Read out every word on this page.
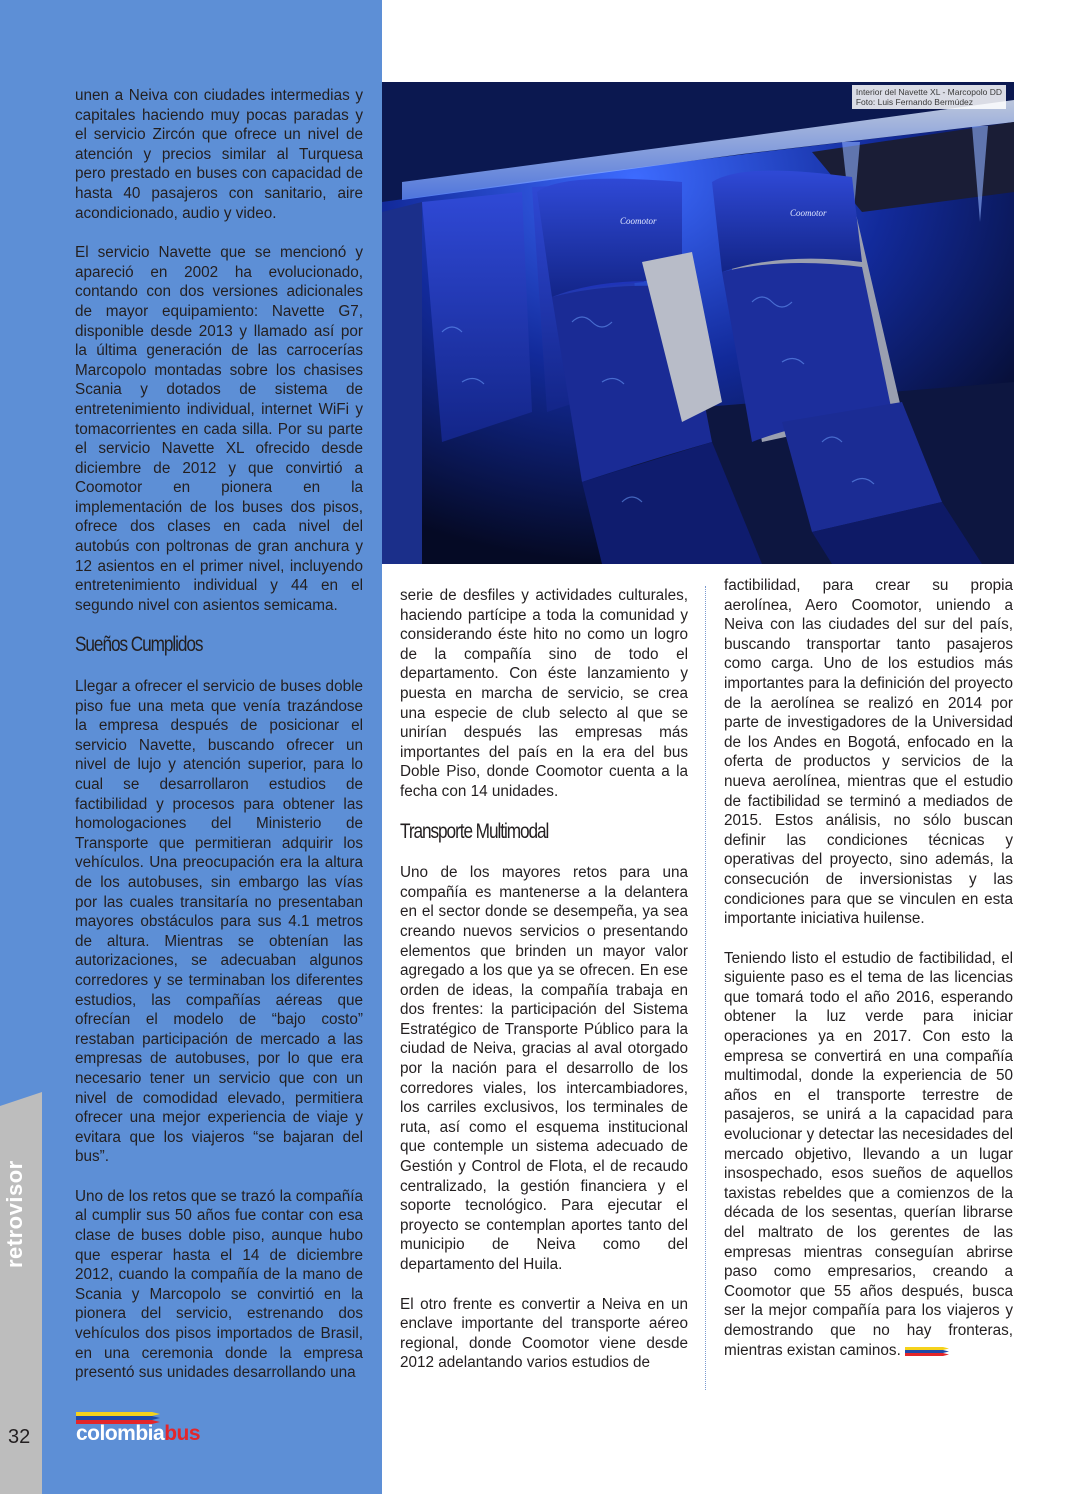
retrovisor
32 colombiabus

unen a Neiva con ciudades intermedias y capitales haciendo muy pocas paradas y el servicio Zircón que ofrece un nivel de atención y precios similar al Turquesa pero prestado en buses con capacidad de hasta 40 pasajeros con sanitario, aire acondicionado, audio y video.

El servicio Navette que se mencionó y apareció en 2002 ha evolucionado, contando con dos versiones adicionales de mayor equipamiento: Navette G7, disponible desde 2013 y llamado así por la última generación de las carrocerías Marcopolo montadas sobre los chasises Scania y dotados de sistema de entretenimiento individual, internet WiFi y tomacorrientes en cada silla. Por su parte el servicio Navette XL ofrecido desde diciembre de 2012 y que convirtió a Coomotor en pionera en la implementación de los buses dos pisos, ofrece dos clases en cada nivel del autobús con poltronas de gran anchura y 12 asientos en el primer nivel, incluyendo entretenimiento individual y 44 en el segundo nivel con asientos semicama.

Sueños Cumplidos

Llegar a ofrecer el servicio de buses doble piso fue una meta que venía trazándose la empresa después de posicionar el servicio Navette, buscando ofrecer un nivel de lujo y atención superior, para lo cual se desarrollaron estudios de factibilidad y procesos para obtener las homologaciones del Ministerio de Transporte que permitieran adquirir los vehículos. Una preocupación era la altura de los autobuses, sin embargo las vías por las cuales transitaría no presentaban mayores obstáculos para sus 4.1 metros de altura. Mientras se obtenían las autorizaciones, se adecuaban algunos corredores y se terminaban los diferentes estudios, las compañías aéreas que ofrecían el modelo de “bajo costo” restaban participación de mercado a las empresas de autobuses, por lo que era necesario tener un servicio que con un nivel de comodidad elevado, permitiera ofrecer una mejor experiencia de viaje y evitara que los viajeros “se bajaran del bus”.

Uno de los retos que se trazó la compañía al cumplir sus 50 años fue contar con esa clase de buses doble piso, aunque hubo que esperar hasta el 14 de diciembre 2012, cuando la compañía de la mano de Scania y Marcopolo se convirtió en la pionera del servicio, estrenando dos vehículos dos pisos importados de Brasil, en una ceremonia donde la empresa presentó sus unidades desarrollando una

Coomotor
Coomotor
Interior del Navette XL - Marcopolo DD
Foto: Luis Fernando Bermúdez

serie de desfiles y actividades culturales, haciendo partícipe a toda la comunidad y considerando éste hito no como un logro de la compañía sino de todo el departamento. Con éste lanzamiento y puesta en marcha de servicio, se crea una especie de club selecto al que se unirían después las empresas más importantes del país en la era del bus Doble Piso, donde Coomotor cuenta a la fecha con 14 unidades.

Transporte Multimodal

Uno de los mayores retos para una compañía es mantenerse a la delantera en el sector donde se desempeña, ya sea creando nuevos servicios o presentando elementos que brinden un mayor valor agregado a los que ya se ofrecen. En ese orden de ideas, la compañía trabaja en dos frentes: la participación del Sistema Estratégico de Transporte Público para la ciudad de Neiva, gracias al aval otorgado por la nación para el desarrollo de los corredores viales, los intercambiadores, los carriles exclusivos, los terminales de ruta, así como el esquema institucional que contemple un sistema adecuado de Gestión y Control de Flota, el de recaudo centralizado, la gestión financiera y el soporte tecnológico. Para ejecutar el proyecto se contemplan aportes tanto del municipio de Neiva como del departamento del Huila.

El otro frente es convertir a Neiva en un enclave importante del transporte aéreo regional, donde Coomotor viene desde 2012 adelantando varios estudios de

factibilidad, para crear su propia aerolínea, Aero Coomotor, uniendo a Neiva con las ciudades del sur del país, buscando transportar tanto pasajeros como carga. Uno de los estudios más importantes para la definición del proyecto de la aerolínea se realizó en 2014 por parte de investigadores de la Universidad de los Andes en Bogotá, enfocado en la oferta de productos y servicios de la nueva aerolínea, mientras que el estudio de factibilidad se terminó a mediados de 2015. Estos análisis, no sólo buscan definir las condiciones técnicas y operativas del proyecto, sino además, la consecución de inversionistas y las condiciones para que se vinculen en esta importante iniciativa huilense.

Teniendo listo el estudio de factibilidad, el siguiente paso es el tema de las licencias que tomará todo el año 2016, esperando obtener la luz verde para iniciar operaciones ya en 2017. Con esto la empresa se convertirá en una compañía multimodal, donde la experiencia de 50 años en el transporte terrestre de pasajeros, se unirá a la capacidad para evolucionar y detectar las necesidades del mercado objetivo, llevando a un lugar insospechado, esos sueños de aquellos taxistas rebeldes que a comienzos de la década de los sesentas, querían librarse del maltrato de los gerentes de las empresas mientras conseguían abrirse paso como empresarios, creando a Coomotor que 55 años después, busca ser la mejor compañía para los viajeros y demostrando que no hay fronteras, mientras existan caminos.
